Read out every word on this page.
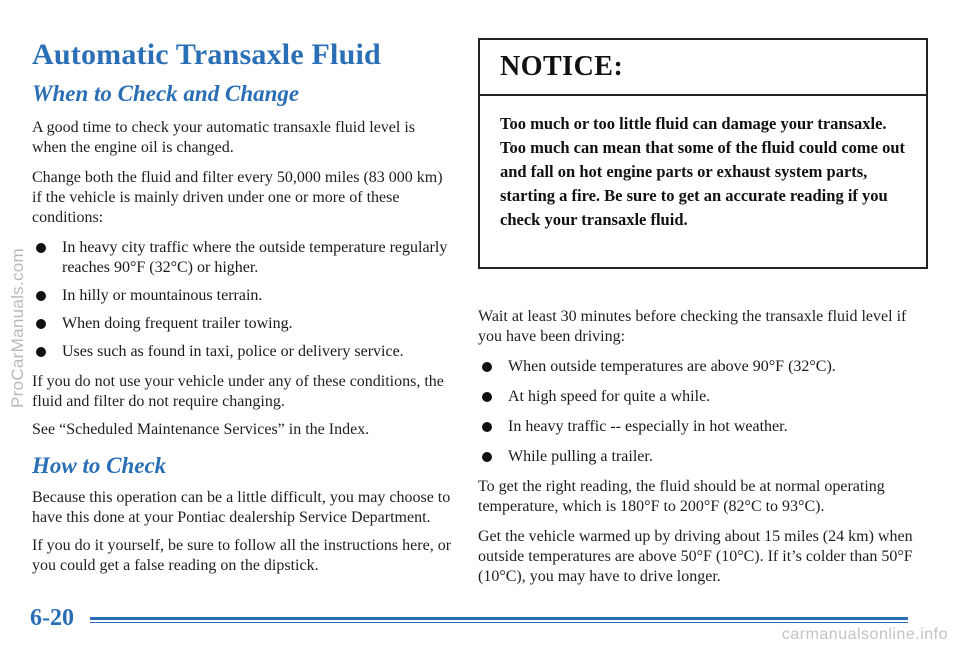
Automatic Transaxle Fluid
When to Check and Change

A good time to check your automatic transaxle fluid level is when the engine oil is changed.

Change both the fluid and filter every 50,000 miles (83 000 km) if the vehicle is mainly driven under one or more of these conditions:

In heavy city traffic where the outside temperature regularly reaches 90°F (32°C) or higher.
In hilly or mountainous terrain.
When doing frequent trailer towing.
Uses such as found in taxi, police or delivery service.

If you do not use your vehicle under any of these conditions, the fluid and filter do not require changing.

See “Scheduled Maintenance Services” in the Index.

How to Check

Because this operation can be a little difficult, you may choose to have this done at your Pontiac dealership Service Department.

If you do it yourself, be sure to follow all the instructions here, or you could get a false reading on the dipstick.

NOTICE:
Too much or too little fluid can damage your transaxle. Too much can mean that some of the fluid could come out and fall on hot engine parts or exhaust system parts, starting a fire. Be sure to get an accurate reading if you check your transaxle fluid.

Wait at least 30 minutes before checking the transaxle fluid level if you have been driving:

When outside temperatures are above 90°F (32°C).
At high speed for quite a while.
In heavy traffic -- especially in hot weather.
While pulling a trailer.

To get the right reading, the fluid should be at normal operating temperature, which is 180°F to 200°F (82°C to 93°C).

Get the vehicle warmed up by driving about 15 miles (24 km) when outside temperatures are above 50°F (10°C). If it’s colder than 50°F (10°C), you may have to drive longer.

6-20
ProCarManuals.com
carmanualsonline.info
